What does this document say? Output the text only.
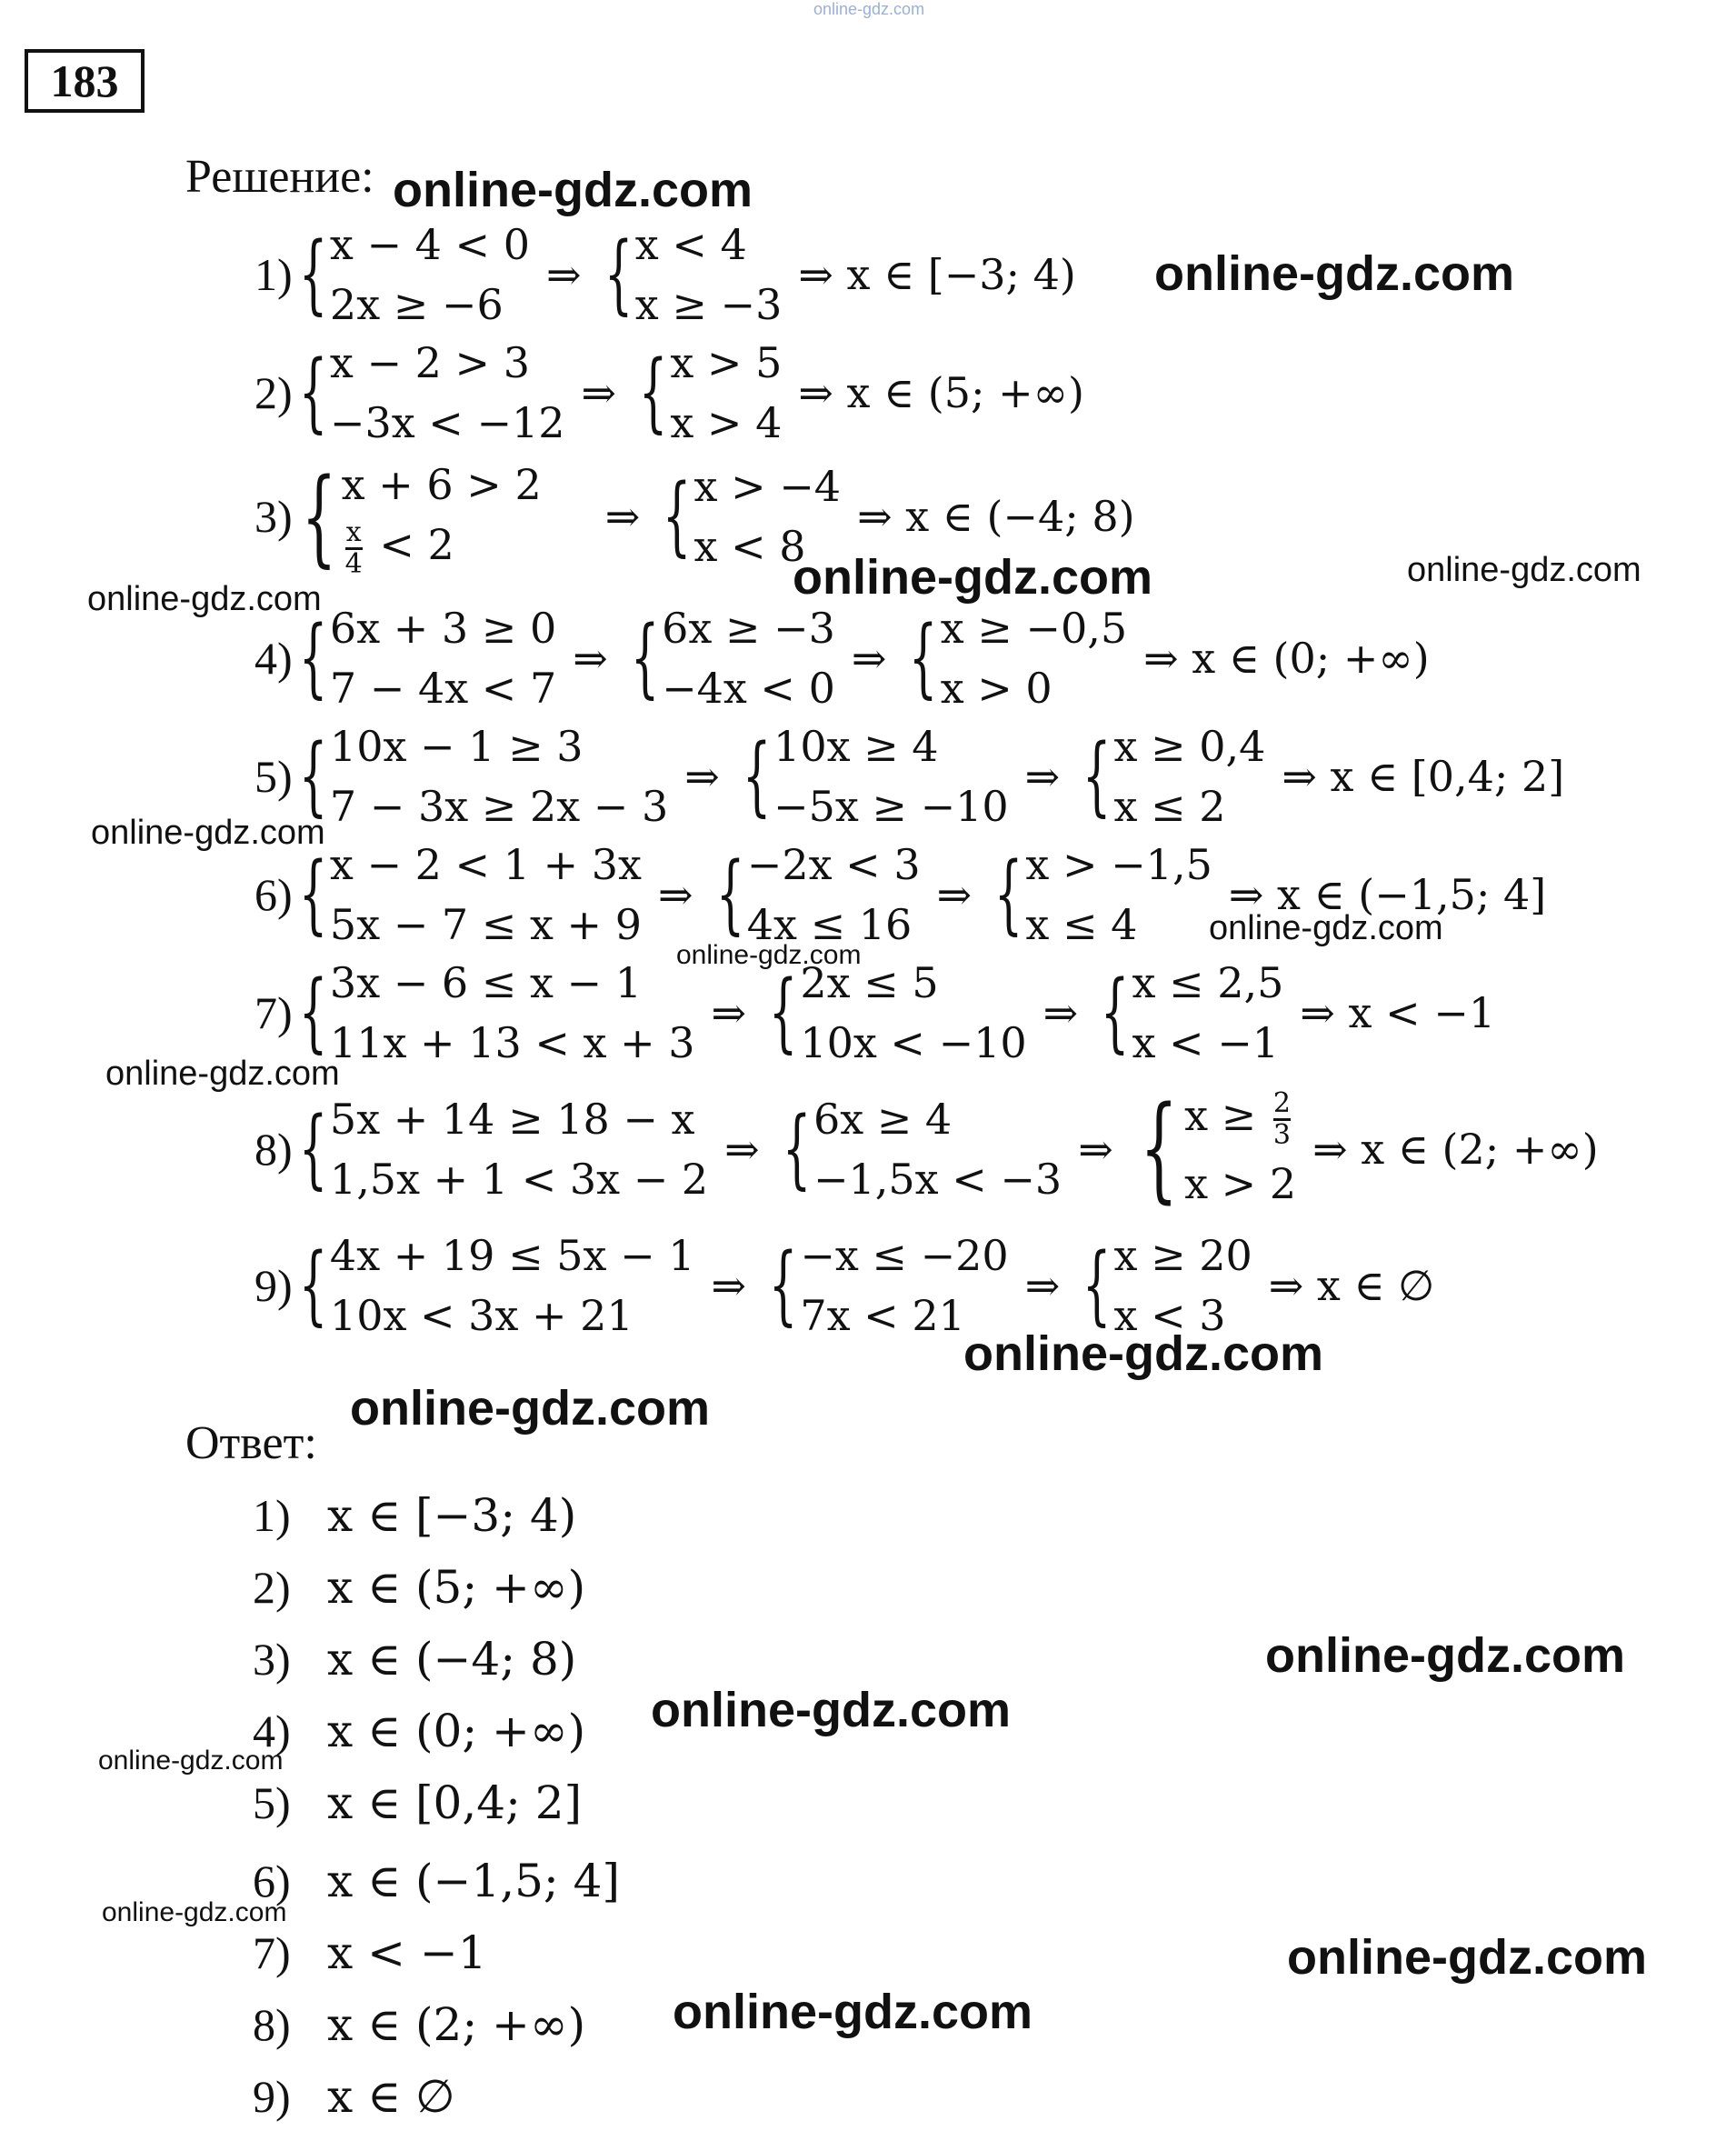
online-gdz.com
183
Решение:
1) { x − 4 < 0
2x ≥ −6
⇒ { x < 4
x ≥ −3
⇒ x ∈ [−3; 4)
2) { x − 2 > 3
−3x < −12
⇒ { x > 5
x > 4
⇒ x ∈ (5; +∞)
3) { x + 6 > 2
$\frac{x}{4} < 2$
⇒ { x > −4
x < 8
⇒ x ∈ (−4; 8)
4) { 6x + 3 ≥ 0
7 − 4x < 7
⇒ { 6x ≥ −3
−4x < 0
⇒ { x ≥ −0,5
x > 0
⇒ x ∈ (0; +∞)
5) { 10x − 1 ≥ 3
7 − 3x ≥ 2x − 3
⇒ { 10x ≥ 4
−5x ≥ −10
⇒ { x ≥ 0,4
x ≤ 2
⇒ x ∈ [0,4; 2]
6) { x − 2 < 1 + 3x
5x − 7 ≤ x + 9
⇒ { −2x < 3
4x ≤ 16
⇒ { x > −1,5
x ≤ 4
⇒ x ∈ (−1,5; 4]
7) { 3x − 6 ≤ x − 1
11x + 13 < x + 3
⇒ { 2x ≤ 5
10x < −10
⇒ { x ≤ 2,5
x < −1
⇒ x < −1
8) { 5x + 14 ≥ 18 − x
1,5x + 1 < 3x − 2
⇒ { 6x ≥ 4
−1,5x < −3
⇒ { $x \ge \frac{2}{3}$
x > 2
⇒ x ∈ (2; +∞)
9) { 4x + 19 ≤ 5x − 1
10x < 3x + 21
⇒ { −x ≤ −20
7x < 21
⇒ { x ≥ 20
x < 3
⇒ x ∈ ∅
Ответ:
1) x ∈ [−3; 4)
2) x ∈ (5; +∞)
3) x ∈ (−4; 8)
4) x ∈ (0; +∞)
5) x ∈ [0,4; 2]
6) x ∈ (−1,5; 4]
7) x < −1
8) x ∈ (2; +∞)
9) x ∈ ∅
online-gdz.com
online-gdz.com
online-gdz.com	online-gdz.com
online-gdz.com
online-gdz.com
online-gdz.com
online-gdz.com
online-gdz.com
online-gdz.com
online-gdz.com
online-gdz.com
online-gdz.com
online-gdz.com
online-gdz.com
online-gdz.com
online-gdz.com
